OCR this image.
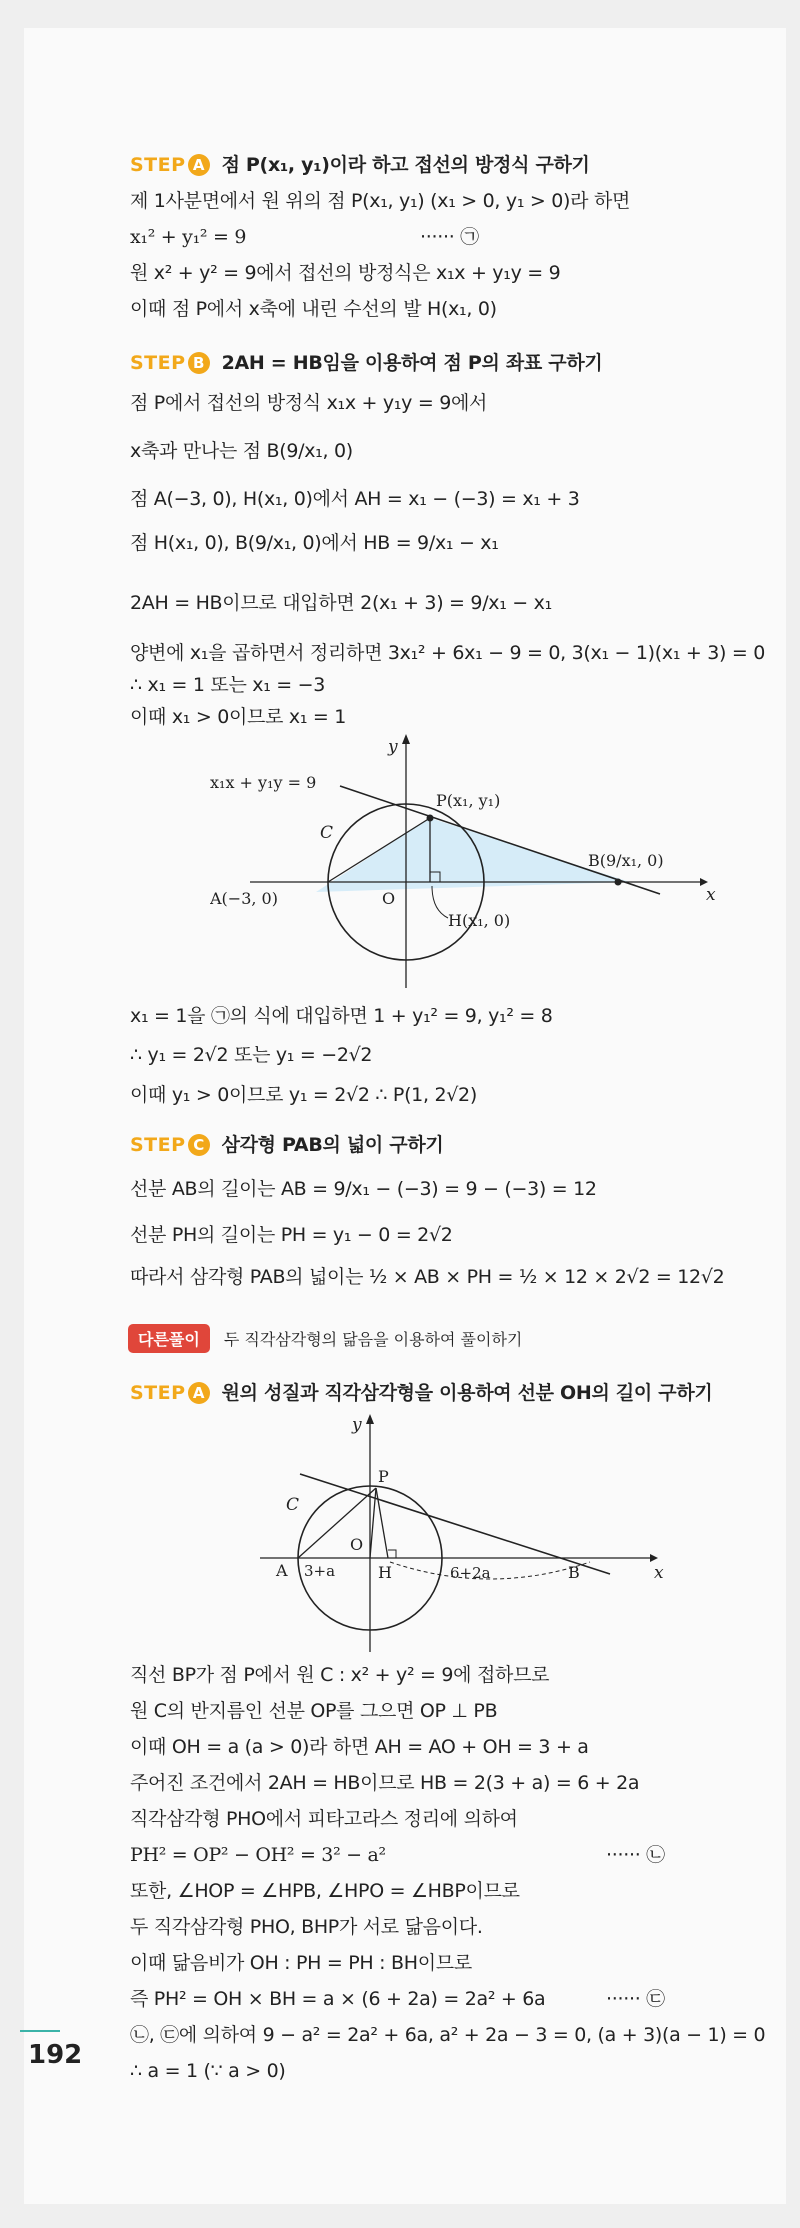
STEP A 점 P(x₁, y₁)이라 하고 접선의 방정식 구하기
제 1사분면에서 원 위의 점 P(x₁, y₁) (x₁ > 0, y₁ > 0)라 하면
x₁² + y₁² = 9	······ ㉠
원 x² + y² = 9에서 접선의 방정식은 x₁x + y₁y = 9
이때 점 P에서 x축에 내린 수선의 발 H(x₁, 0)
STEP B 2AH = HB임을 이용하여 점 P의 좌표 구하기
점 P에서 접선의 방정식 x₁x + y₁y = 9에서
x축과 만나는 점 B(9/x₁, 0)
점 A(−3, 0), H(x₁, 0)에서 AH = x₁ − (−3) = x₁ + 3
점 H(x₁, 0), B(9/x₁, 0)에서 HB = 9/x₁ − x₁
2AH = HB이므로 대입하면 2(x₁ + 3) = 9/x₁ − x₁
양변에 x₁을 곱하면서 정리하면 3x₁² + 6x₁ − 9 = 0, 3(x₁ − 1)(x₁ + 3) = 0
∴ x₁ = 1 또는 x₁ = −3
이때 x₁ > 0이므로 x₁ = 1
y
x
x₁x + y₁y = 9
P(x₁, y₁)
C
A(−3, 0)	O
B(9/x₁, 0)
H(x₁, 0)
x₁ = 1을 ㉠의 식에 대입하면 1 + y₁² = 9, y₁² = 8
∴ y₁ = 2√2 또는 y₁ = −2√2
이때 y₁ > 0이므로 y₁ = 2√2 ∴ P(1, 2√2)
STEP C 삼각형 PAB의 넓이 구하기
선분 AB의 길이는 AB = 9/x₁ − (−3) = 9 − (−3) = 12
선분 PH의 길이는 PH = y₁ − 0 = 2√2
따라서 삼각형 PAB의 넓이는 ½ × AB × PH = ½ × 12 × 2√2 = 12√2
다른풀이 두 직각삼각형의 닮음을 이용하여 풀이하기
STEP A 원의 성질과 직각삼각형을 이용하여 선분 OH의 길이 구하기
y
x
P
C
O
A 3+a	H	6+2a	B
직선 BP가 점 P에서 원 C : x² + y² = 9에 접하므로
원 C의 반지름인 선분 OP를 그으면 OP ⊥ PB
이때 OH = a (a > 0)라 하면 AH = AO + OH = 3 + a
주어진 조건에서 2AH = HB이므로 HB = 2(3 + a) = 6 + 2a
직각삼각형 PHO에서 피타고라스 정리에 의하여
PH² = OP² − OH² = 3² − a²	······ ㉡
또한, ∠HOP = ∠HPB, ∠HPO = ∠HBP이므로
두 직각삼각형 PHO, BHP가 서로 닮음이다.
이때 닮음비가 OH : PH = PH : BH이므로
즉 PH² = OH × BH = a × (6 + 2a) = 2a² + 6a	······ ㉢
㉡, ㉢에 의하여 9 − a² = 2a² + 6a, a² + 2a − 3 = 0, (a + 3)(a − 1) = 0
∴ a = 1 (∵ a > 0)
192
